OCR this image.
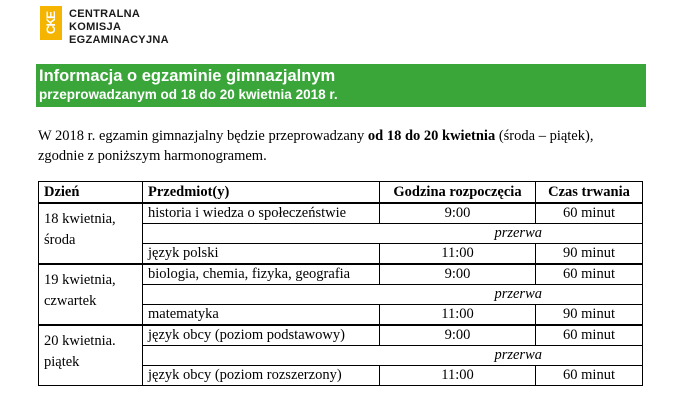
CKE CENTRALNA
KOMISJA
EGZAMINACYJNA
Informacja o egzaminie gimnazjalnym
przeprowadzanym od 18 do 20 kwietnia 2018 r.
W 2018 r. egzamin gimnazjalny będzie przeprowadzany od 18 do 20 kwietnia (środa – piątek),
zgodnie z poniższym harmonogramem.
Dzień	Przedmiot(y)	Godzina rozpoczęcia	Czas trwania
18 kwietnia,
środa	historia i wiedza o społeczeństwie	9:00	60 minut
	przerwa		
	język polski	11:00	90 minut
19 kwietnia,
czwartek	biologia, chemia, fizyka, geografia	9:00	60 minut
	przerwa		
	matematyka	11:00	90 minut
20 kwietnia.
piątek	język obcy (poziom podstawowy)	9:00	60 minut
	przerwa		
	język obcy (poziom rozszerzony)	11:00	60 minut
